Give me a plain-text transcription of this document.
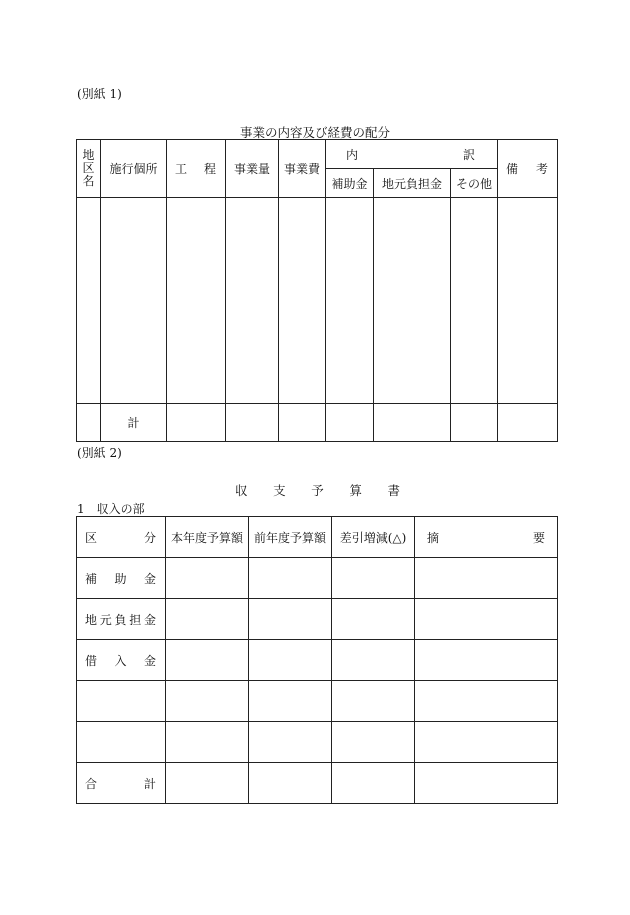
(別紙 1)
事業の内容及び経費の配分
地区名	施行個所	工 程	事業量	事業費	内 訳			備 考

					補助金	地元負担金	その他	

	計							
(別紙 2)
収 支 予 算 書
1　収入の部
区 分	本年度予算額	前年度予算額	差引増減(△)	摘 要

補 助 金				

地 元 負 担 金				

借 入 金				

合 計				
